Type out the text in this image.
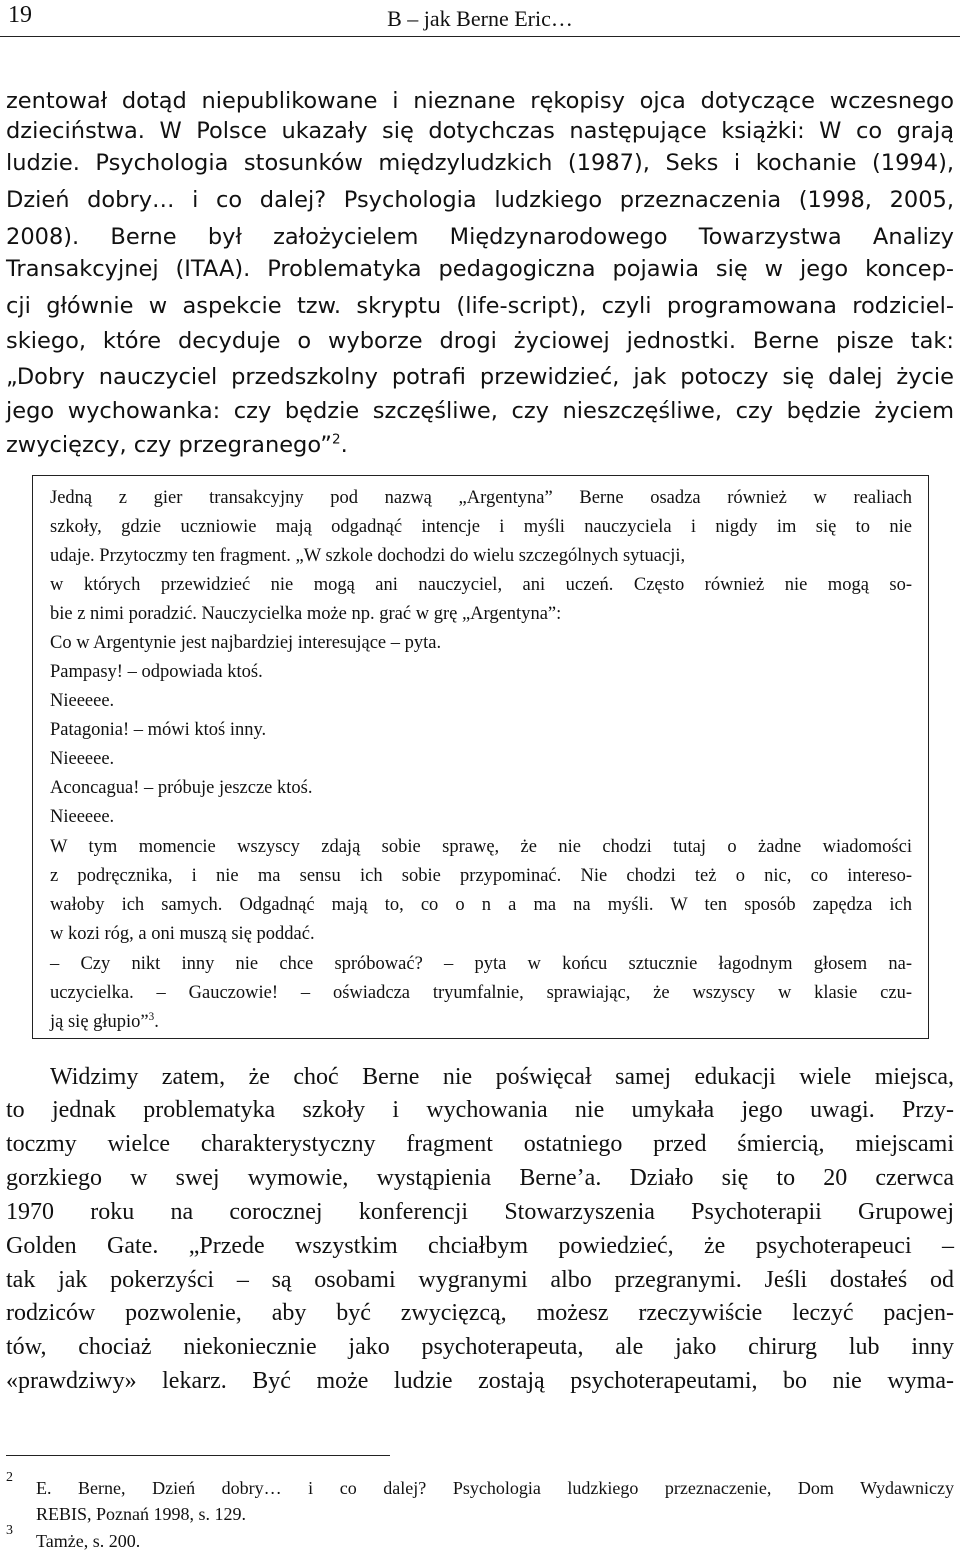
19	B – jak Berne Eric…
zentował dotąd niepublikowane i nieznane rękopisy ojca dotyczące wczesnego
dzieciństwa. W Polsce ukazały się dotychczas następujące książki: W co grają
ludzie. Psychologia stosunków międzyludzkich (1987), Seks i kochanie (1994),
Dzień dobry… i co dalej? Psychologia ludzkiego przeznaczenia (1998, 2005,
2008). Berne był założycielem Międzynarodowego Towarzystwa Analizy
Transakcyjnej (ITAA). Problematyka pedagogiczna pojawia się w jego koncep-
cji głównie w aspekcie tzw. skryptu (life-script), czyli programowana rodziciel-
skiego, które decyduje o wyborze drogi życiowej jednostki. Berne pisze tak:
„Dobry nauczyciel przedszkolny potrafi przewidzieć, jak potoczy się dalej życie
jego wychowanka: czy będzie szczęśliwe, czy nieszczęśliwe, czy będzie życiem
zwycięzcy, czy przegranego”$^2$.
Jedną z gier transakcyjny pod nazwą „Argentyna” Berne osadza również w realiach
szkoły, gdzie uczniowie mają odgadnąć intencje i myśli nauczyciela i nigdy im się to nie
udaje. Przytoczmy ten fragment. „W szkole dochodzi do wielu szczególnych sytuacji,
w których przewidzieć nie mogą ani nauczyciel, ani uczeń. Często również nie mogą so-
bie z nimi poradzić. Nauczycielka może np. grać w grę „Argentyna”:
Co w Argentynie jest najbardziej interesujące – pyta.
Pampasy! – odpowiada ktoś.
Nieeeee.
Patagonia! – mówi ktoś inny.
Nieeeee.
Aconcagua! – próbuje jeszcze ktoś.
Nieeeee.
W tym momencie wszyscy zdają sobie sprawę, że nie chodzi tutaj o żadne wiadomości
z podręcznika, i nie ma sensu ich sobie przypominać. Nie chodzi też o nic, co intereso-
wałoby ich samych. Odgadnąć mają to, co o n a ma na myśli. W ten sposób zapędza ich
w kozi róg, a oni muszą się poddać.
– Czy nikt inny nie chce spróbować? – pyta w końcu sztucznie łagodnym głosem na-
uczycielka. – Gauczowie! – oświadcza tryumfalnie, sprawiając, że wszyscy w klasie czu-
ją się głupio”$^3$.
Widzimy zatem, że choć Berne nie poświęcał samej edukacji wiele miejsca,
to jednak problematyka szkoły i wychowania nie umykała jego uwagi. Przy-
toczmy wielce charakterystyczny fragment ostatniego przed śmiercią, miejscami
gorzkiego w swej wymowie, wystąpienia Berne’a. Działo się to 20 czerwca
1970 roku na corocznej konferencji Stowarzyszenia Psychoterapii Grupowej
Golden Gate. „Przede wszystkim chciałbym powiedzieć, że psychoterapeuci –
tak jak pokerzyści – są osobami wygranymi albo przegranymi. Jeśli dostałeś od
rodziców pozwolenie, aby być zwycięzcą, możesz rzeczywiście leczyć pacjen-
tów, chociaż niekoniecznie jako psychoterapeuta, ale jako chirurg lub inny
«prawdziwy» lekarz. Być może ludzie zostają psychoterapeutami, bo nie wyma-
2
E. Berne, Dzień dobry… i co dalej? Psychologia ludzkiego przeznaczenie, Dom Wydawniczy
REBIS, Poznań 1998, s. 129.
3
Tamże, s. 200.
